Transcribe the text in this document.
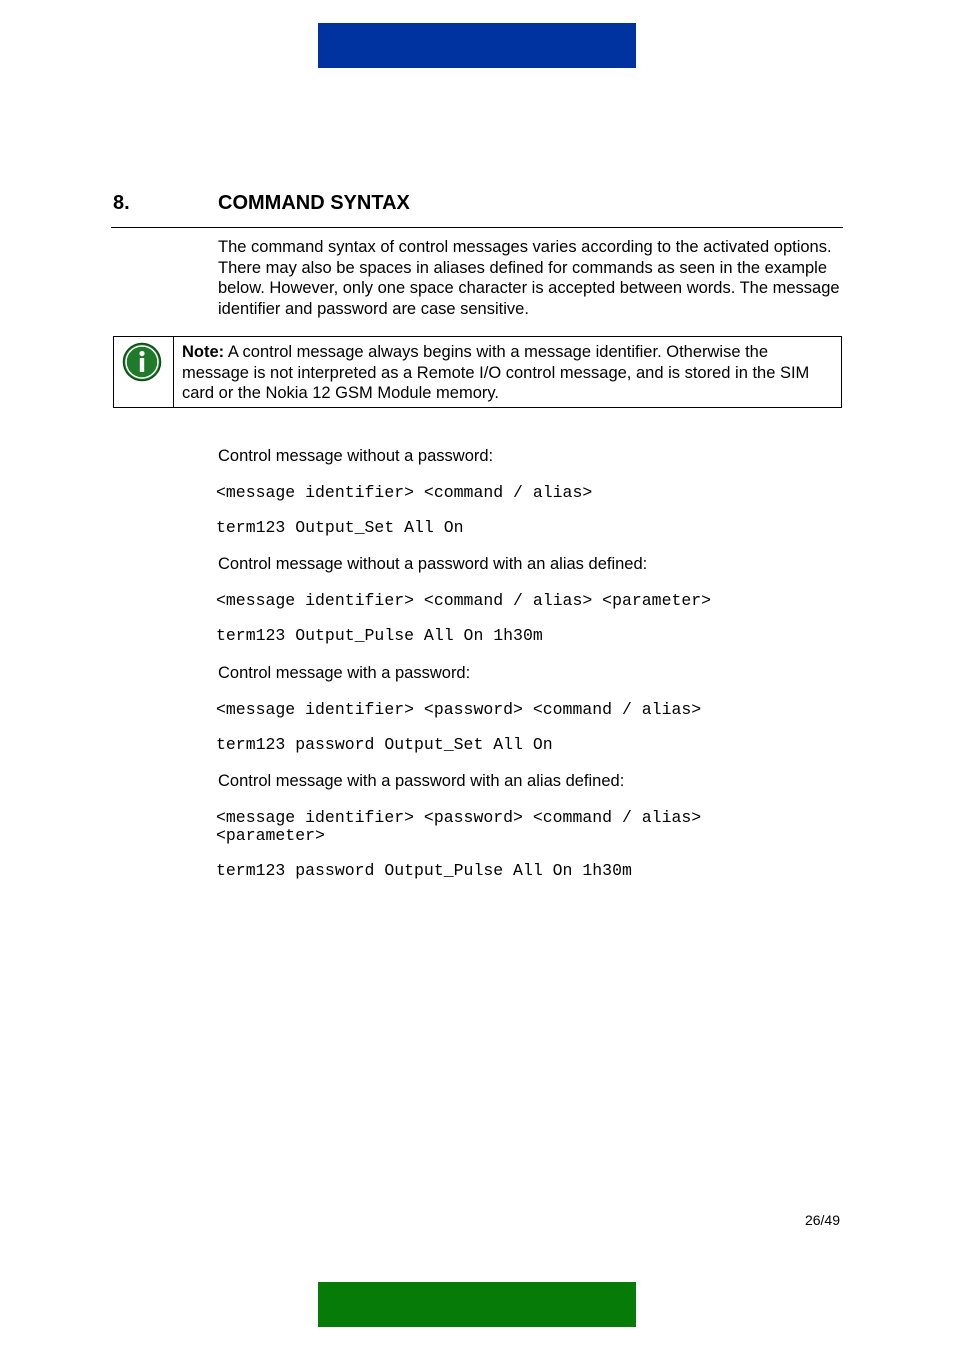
8.	COMMAND SYNTAX

The command syntax of control messages varies according to the activated options. There may also be spaces in aliases defined for commands as seen in the example below. However, only one space character is accepted between words. The message identifier and password are case sensitive.

Note: A control message always begins with a message identifier. Otherwise the message is not interpreted as a Remote I/O control message, and is stored in the SIM card or the Nokia 12 GSM Module memory.

Control message without a password:

<message identifier> <command / alias>

term123 Output_Set All On

Control message without a password with an alias defined:

<message identifier> <command / alias> <parameter>

term123 Output_Pulse All On 1h30m

Control message with a password:

<message identifier> <password> <command / alias>

term123 password Output_Set All On

Control message with a password with an alias defined:

<message identifier> <password> <command / alias>
<parameter>

term123 password Output_Pulse All On 1h30m

26/49
